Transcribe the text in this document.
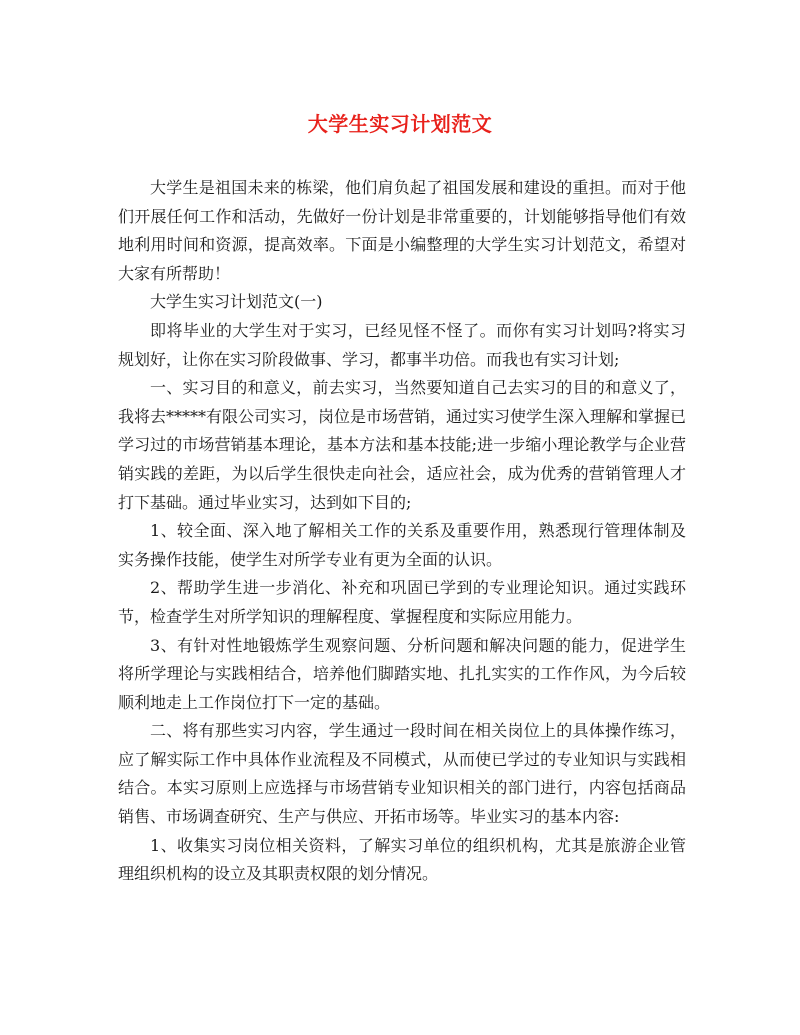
大学生实习计划范文

大学生是祖国未来的栋梁，他们肩负起了祖国发展和建设的重担。而对于他们开展任何工作和活动，先做好一份计划是非常重要的，计划能够指导他们有效地利用时间和资源，提高效率。下面是小编整理的大学生实习计划范文，希望对大家有所帮助！

大学生实习计划范文(一)

即将毕业的大学生对于实习，已经见怪不怪了。而你有实习计划吗?将实习规划好，让你在实习阶段做事、学习，都事半功倍。而我也有实习计划;

一、实习目的和意义，前去实习，当然要知道自己去实习的目的和意义了，我将去*****有限公司实习，岗位是市场营销，通过实习使学生深入理解和掌握已学习过的市场营销基本理论，基本方法和基本技能;进一步缩小理论教学与企业营销实践的差距，为以后学生很快走向社会，适应社会，成为优秀的营销管理人才打下基础。通过毕业实习，达到如下目的;

1、较全面、深入地了解相关工作的关系及重要作用，熟悉现行管理体制及实务操作技能，使学生对所学专业有更为全面的认识。

2、帮助学生进一步消化、补充和巩固已学到的专业理论知识。通过实践环节，检查学生对所学知识的理解程度、掌握程度和实际应用能力。

3、有针对性地锻炼学生观察问题、分析问题和解决问题的能力，促进学生将所学理论与实践相结合，培养他们脚踏实地、扎扎实实的工作作风，为今后较顺利地走上工作岗位打下一定的基础。

二、将有那些实习内容，学生通过一段时间在相关岗位上的具体操作练习，应了解实际工作中具体作业流程及不同模式，从而使已学过的专业知识与实践相结合。本实习原则上应选择与市场营销专业知识相关的部门进行，内容包括商品销售、市场调查研究、生产与供应、开拓市场等。毕业实习的基本内容:

1、收集实习岗位相关资料，了解实习单位的组织机构，尤其是旅游企业管理组织机构的设立及其职责权限的划分情况。
